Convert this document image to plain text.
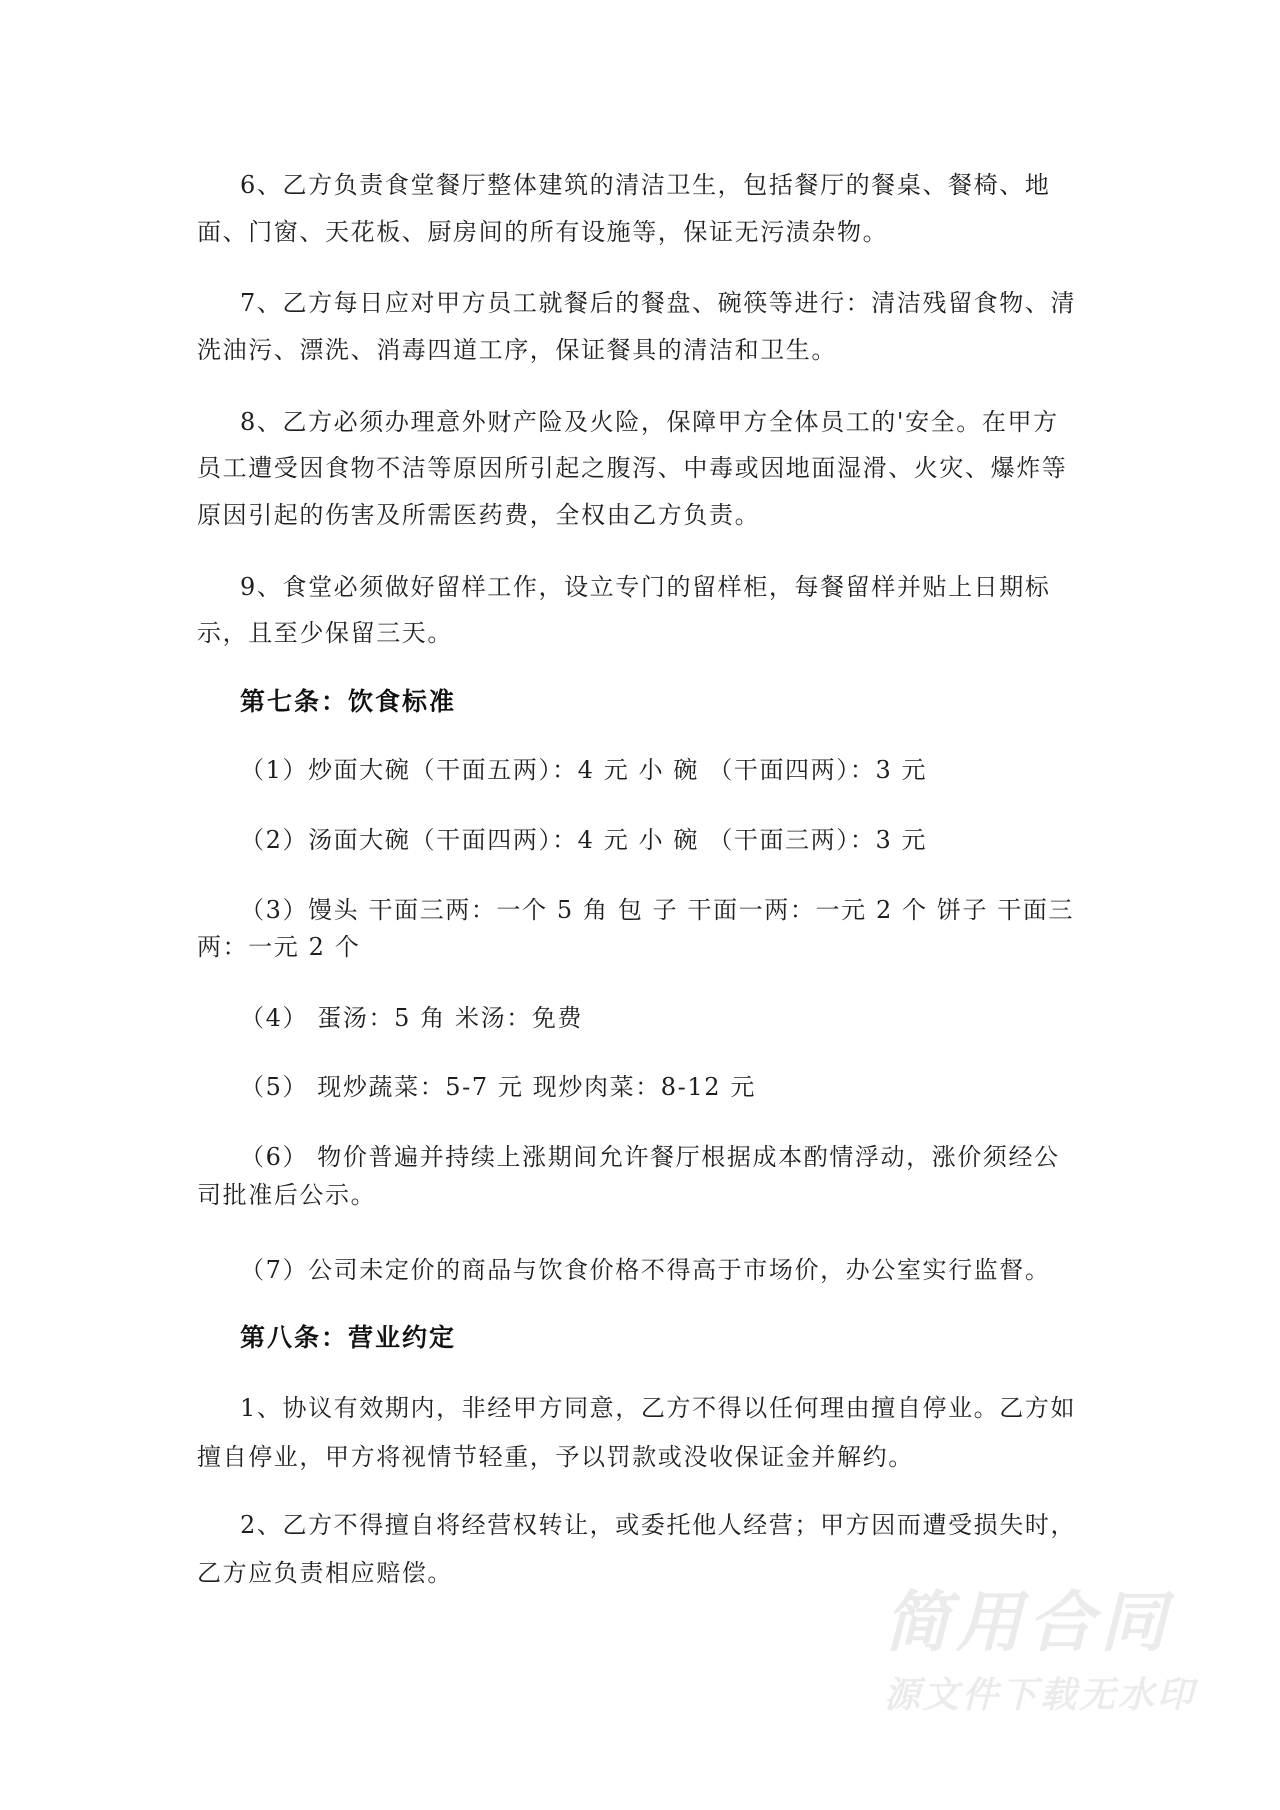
6、乙方负责食堂餐厅整体建筑的清洁卫生，包括餐厅的餐桌、餐椅、地
面、门窗、天花板、厨房间的所有设施等，保证无污渍杂物。
7、乙方每日应对甲方员工就餐后的餐盘、碗筷等进行：清洁残留食物、清
洗油污、漂洗、消毒四道工序，保证餐具的清洁和卫生。
8、乙方必须办理意外财产险及火险，保障甲方全体员工的'安全。在甲方
员工遭受因食物不洁等原因所引起之腹泻、中毒或因地面湿滑、火灾、爆炸等
原因引起的伤害及所需医药费，全权由乙方负责。
9、食堂必须做好留样工作，设立专门的留样柜，每餐留样并贴上日期标
示，且至少保留三天。
第七条：饮食标准
（1）炒面大碗（干面五两）：4 元 小 碗 （干面四两）：3 元
（2）汤面大碗（干面四两）：4 元 小 碗 （干面三两）：3 元
（3）馒头 干面三两：一个 5 角 包 子 干面一两：一元 2 个 饼子 干面三
两：一元 2 个
（4） 蛋汤：5 角 米汤：免费
（5） 现炒蔬菜：5-7 元 现炒肉菜：8-12 元
（6） 物价普遍并持续上涨期间允许餐厅根据成本酌情浮动，涨价须经公
司批准后公示。
（7）公司未定价的商品与饮食价格不得高于市场价，办公室实行监督。
第八条：营业约定
1、协议有效期内，非经甲方同意，乙方不得以任何理由擅自停业。乙方如
擅自停业，甲方将视情节轻重，予以罚款或没收保证金并解约。
2、乙方不得擅自将经营权转让，或委托他人经营；甲方因而遭受损失时，
乙方应负责相应赔偿。
简用合同
源文件下载无水印
